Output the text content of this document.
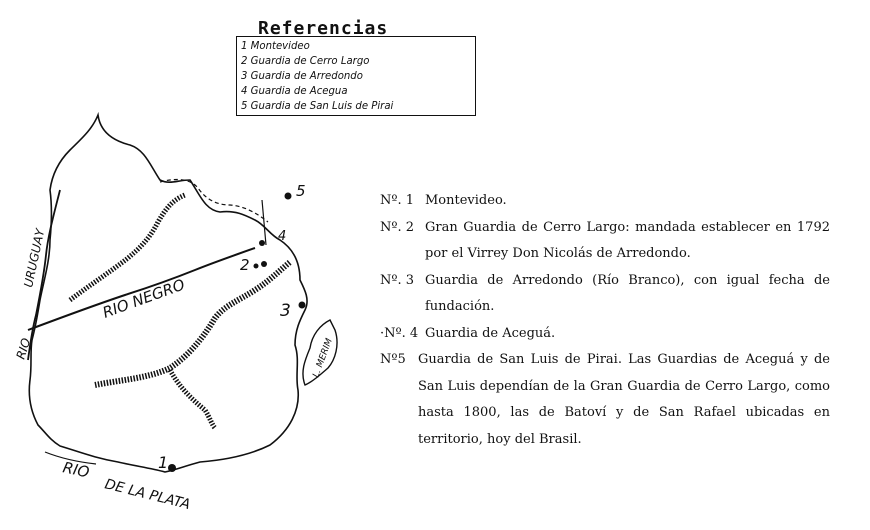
5
4
2
3
1
RIO NEGRO
URUGUAY
RIO	L. MERIM
RIO
DE LA PLATA
Referencias
1 Montevideo
2 Guardia de Cerro Largo
3 Guardia de Arredondo
4 Guardia de Acegua
5 Guardia de San Luis de Pirai
Nº. 1 Montevideo.
Nº. 2 Gran Guardia de Cerro Largo: mandada establecer en 1792 por el Virrey Don Nicolás de Arredondo.
Nº. 3 Guardia de Arredondo (Río Branco), con igual fecha de fundación.
·Nº. 4 Guardia de Aceguá.
Nº5 Guardia de San Luis de Pirai. Las Guardias de Aceguá y de San Luis dependían de la Gran Guardia de Cerro Largo, como hasta 1800, las de Batoví y de San Rafael ubicadas en territorio, hoy del Brasil.
